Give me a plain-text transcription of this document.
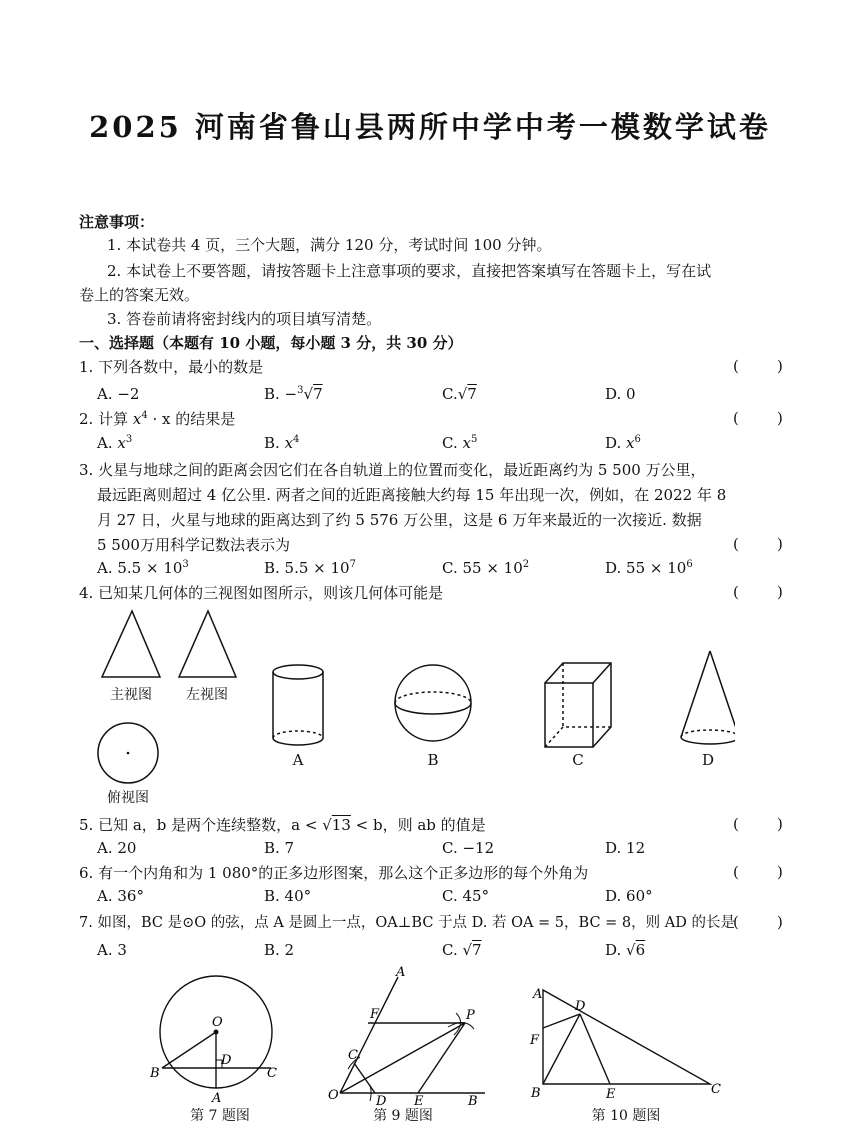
2025 河南省鲁山县两所中学中考一模数学试卷
注意事项：
1. 本试卷共 4 页，三个大题，满分 120 分，考试时间 100 分钟。
2. 本试卷上不要答题，请按答题卡上注意事项的要求，直接把答案填写在答题卡上，写在试
卷上的答案无效。
3. 答卷前请将密封线内的项目填写清楚。
一、选择题（本题有 10 小题，每小题 3 分，共 30 分）
1. 下列各数中，最小的数是	(        )
A. −2	B. −$^3$√7	C.√7	D. 0
2. 计算 $x^4 \cdot x$ 的结果是	(        )
A. $x^3$	B. $x^4$	C. $x^5$	D. $x^6$
3. 火星与地球之间的距离会因它们在各自轨道上的位置而变化，最近距离约为 5 500 万公里，
最远距离则超过 4 亿公里. 两者之间的近距离接触大约每 15 年出现一次，例如，在 2022 年 8
月 27 日，火星与地球的距离达到了约 5 576 万公里，这是 6 万年来最近的一次接近. 数据
5 500万用科学记数法表示为	(        )
A. $5.5 \times 10^3$	B. $5.5 \times 10^7$	C. $55 \times 10^2$	D. $55 \times 10^6$
4. 已知某几何体的三视图如图所示，则该几何体可能是	(        )
主视图	左视图
俯视图
A	B	C	D
5. 已知 a，b 是两个连续整数，a < √13 < b，则 ab 的值是	(        )
A. 20	B. 7	C. −12	D. 12
6. 有一个内角和为 1 080°的正多边形图案，那么这个正多边形的每个外角为	(        )
A. 36°	B. 40°	C. 45°	D. 60°
7. 如图，BC 是⊙O 的弦，点 A 是圆上一点，OA⊥BC 于点 D. 若 OA = 5，BC = 8，则 AD 的长是
(        )
A. 3	B. 2	C. √7	D. √6
O
D
B	C
A
第 7 题图
A
F	P
C
O	D E	B
第 9 题图
A
D
F
B	E	C
第 10 题图
